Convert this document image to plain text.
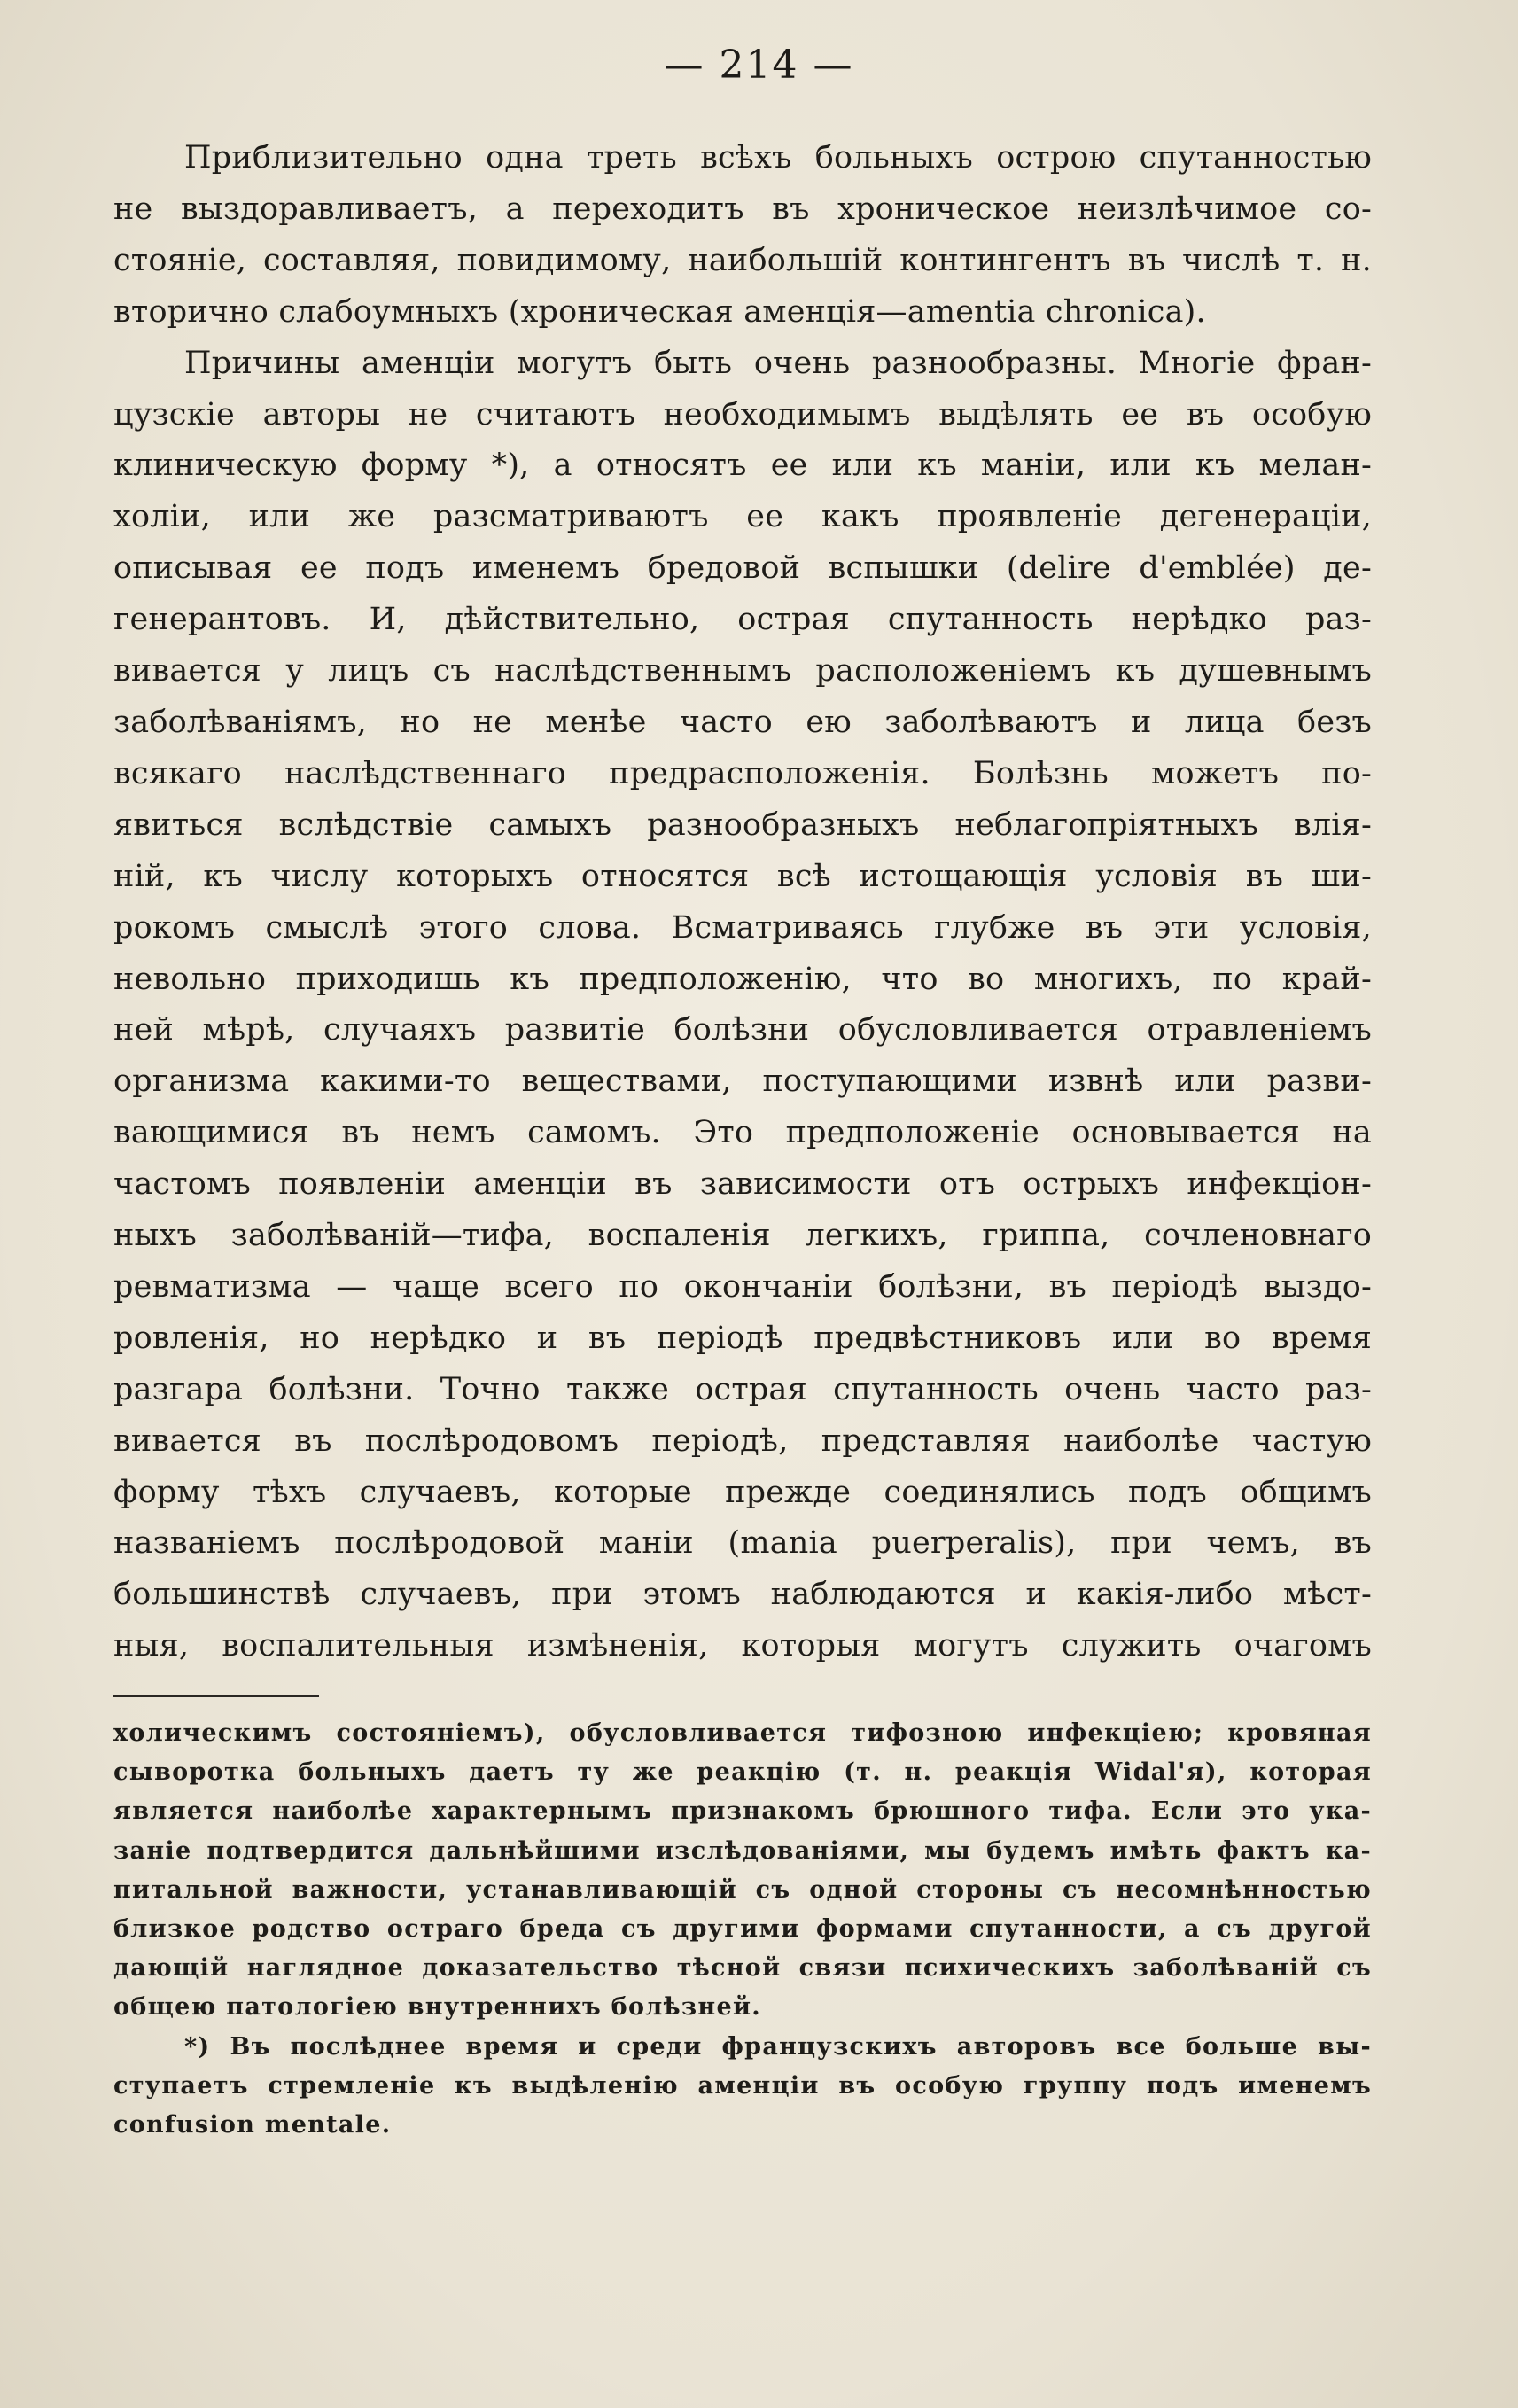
— 214 —

Приблизительно одна треть всѣхъ больныхъ острою спутанностью
не выздоравливаетъ, а переходитъ въ хроническое неизлѣчимое со-
стояніе, составляя, повидимому, наибольшій контингентъ въ числѣ т. н.
вторично слабоумныхъ (хроническая аменція—amentia chronica).

Причины аменціи могутъ быть очень разнообразны. Многіе фран-
цузскіе авторы не считаютъ необходимымъ выдѣлять ее въ особую
клиническую форму *), а относятъ ее или къ маніи, или къ мелан-
холіи, или же разсматриваютъ ее какъ проявленіе дегенераціи,
описывая ее подъ именемъ бредовой вспышки (delire d'emblée) де-
генерантовъ. И, дѣйствительно, острая спутанность нерѣдко раз-
вивается у лицъ съ наслѣдственнымъ расположеніемъ къ душевнымъ
заболѣваніямъ, но не менѣе часто ею заболѣваютъ и лица безъ
всякаго наслѣдственнаго предрасположенія. Болѣзнь можетъ по-
явиться вслѣдствіе самыхъ разнообразныхъ неблагопріятныхъ влія-
ній, къ числу которыхъ относятся всѣ истощающія условія въ ши-
рокомъ смыслѣ этого слова. Всматриваясь глубже въ эти условія,
невольно приходишь къ предположенію, что во многихъ, по край-
ней мѣрѣ, случаяхъ развитіе болѣзни обусловливается отравленіемъ
организма какими-то веществами, поступающими извнѣ или разви-
вающимися въ немъ самомъ. Это предположеніе основывается на
частомъ появленіи аменціи въ зависимости отъ острыхъ инфекціон-
ныхъ заболѣваній—тифа, воспаленія легкихъ, гриппа, сочленовнаго
ревматизма — чаще всего по окончаніи болѣзни, въ періодѣ выздо-
ровленія, но нерѣдко и въ періодѣ предвѣстниковъ или во время
разгара болѣзни. Точно также острая спутанность очень часто раз-
вивается въ послѣродовомъ періодѣ, представляя наиболѣе частую
форму тѣхъ случаевъ, которые прежде соединялись подъ общимъ
названіемъ послѣродовой маніи (mania puerperalis), при чемъ, въ
большинствѣ случаевъ, при этомъ наблюдаются и какія-либо мѣст-
ныя, воспалительныя измѣненія, которыя могутъ служить очагомъ

холическимъ состояніемъ), обусловливается тифозною инфекціею; кровяная
сыворотка больныхъ даетъ ту же реакцію (т. н. реакція Widal'я), которая
является наиболѣе характернымъ признакомъ брюшного тифа. Если это ука-
заніе подтвердится дальнѣйшими изслѣдованіями, мы будемъ имѣть фактъ ка-
питальной важности, устанавливающій съ одной стороны съ несомнѣнностью
близкое родство остраго бреда съ другими формами спутанности, а съ другой
дающій наглядное доказательство тѣсной связи психическихъ заболѣваній съ
общею патологіею внутреннихъ болѣзней.

*) Въ послѣднее время и среди французскихъ авторовъ все больше вы-
ступаетъ стремленіе къ выдѣленію аменціи въ особую группу подъ именемъ
confusion mentale.
